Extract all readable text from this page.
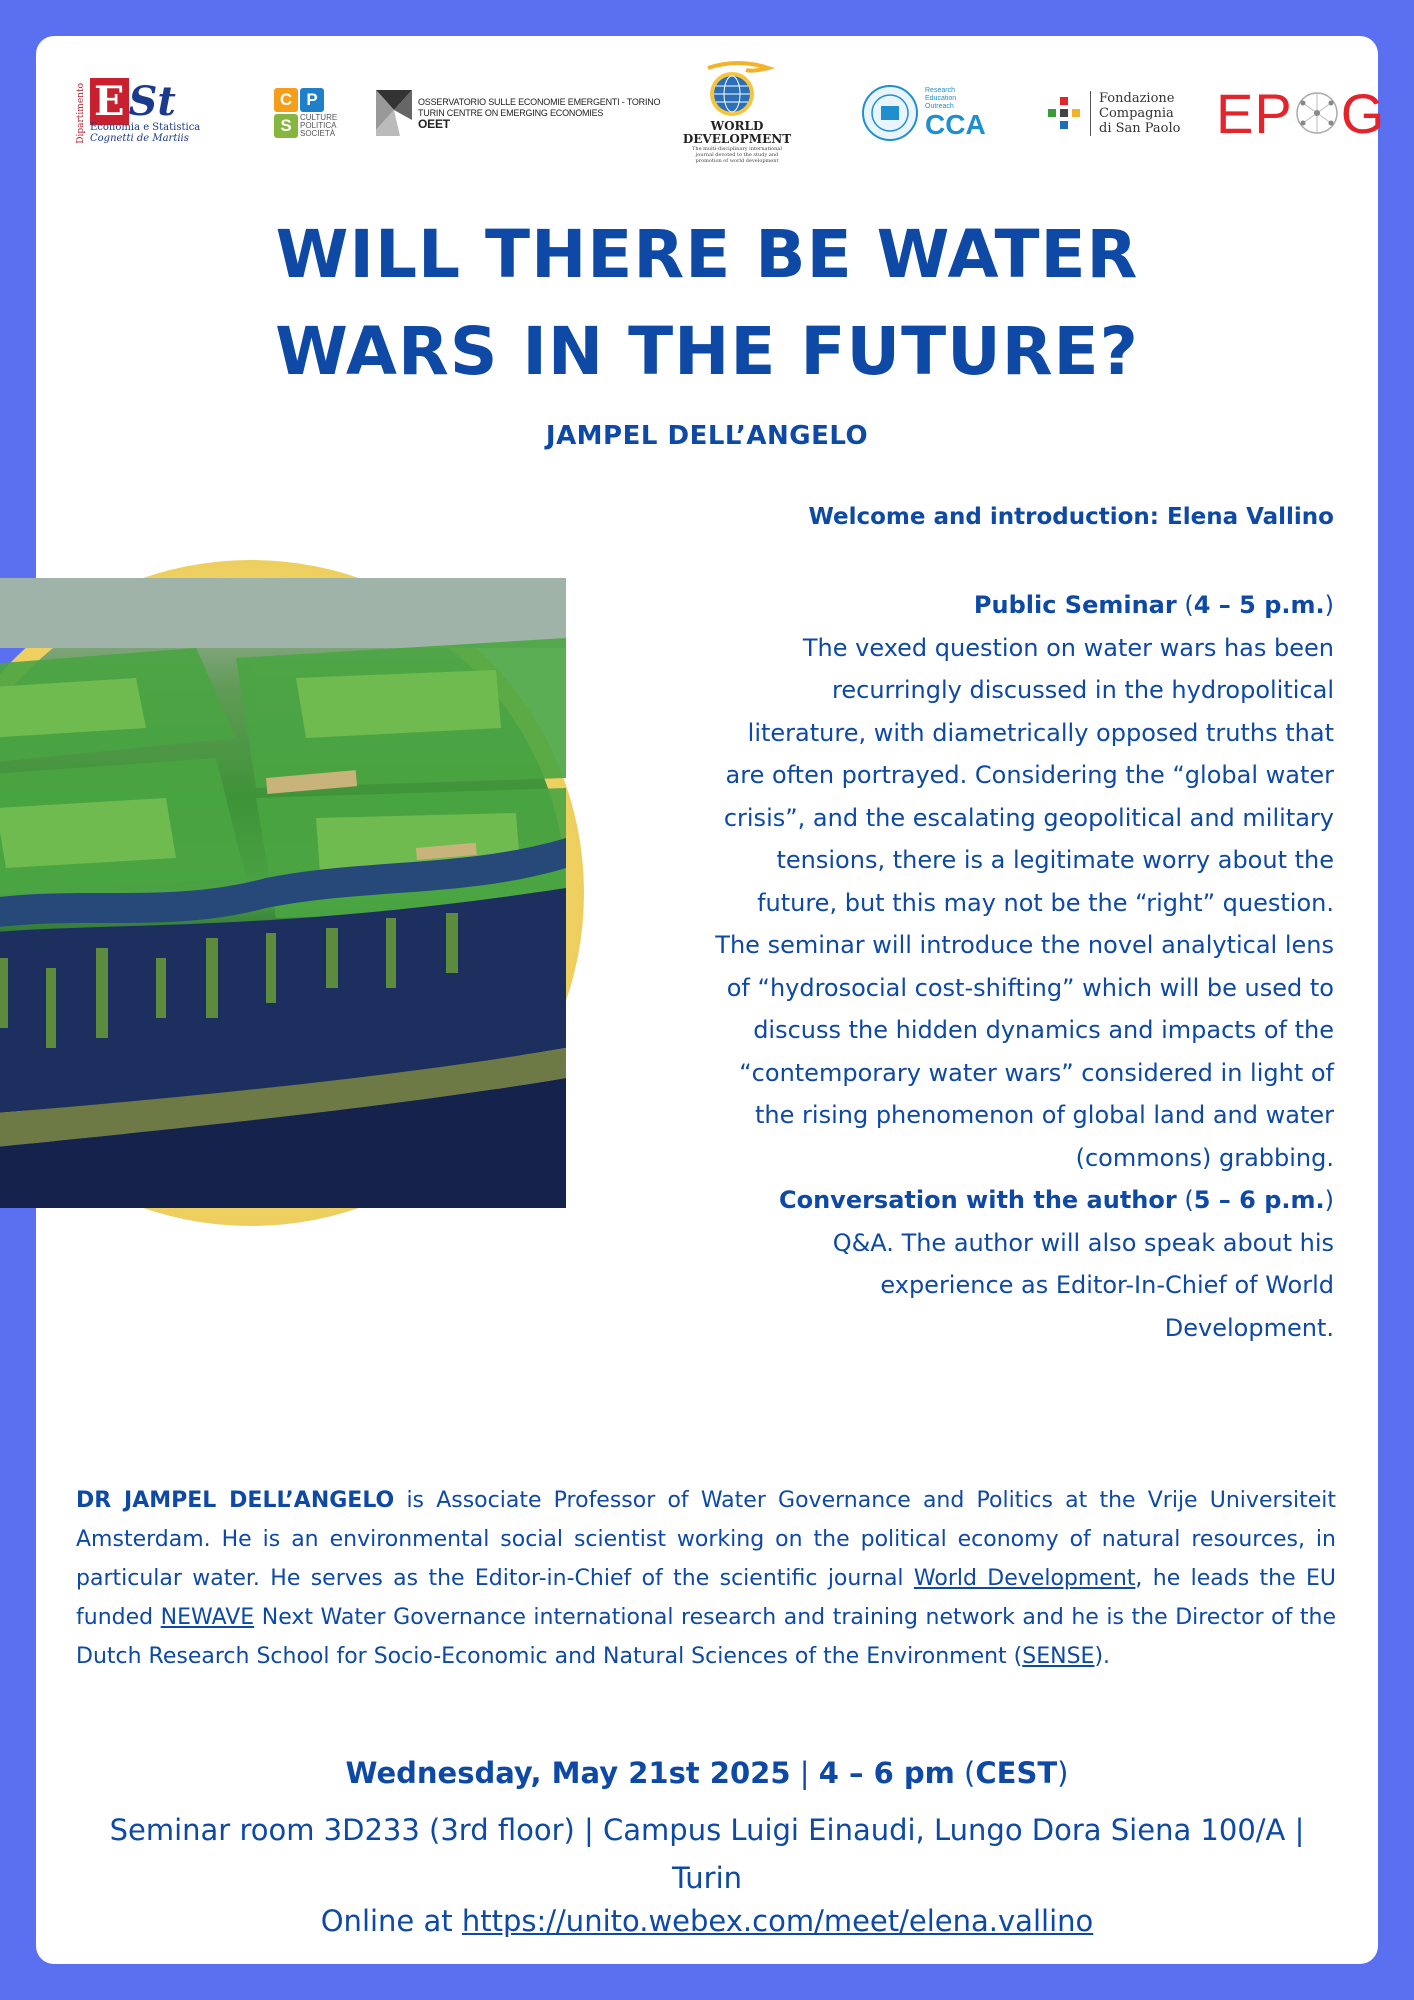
Dipartimento E St
Economia e Statistica
Cognetti de Martiis
C P
S	CULTURE
POLITICA
SOCIETÀ
OSSERVATORIO SULLE ECONOMIE EMERGENTI - TORINO
TURIN CENTRE ON EMERGING ECONOMIES
OEET	WORLD
DEVELOPMENT
The multi-disciplinary international journal devoted to the study and promotion of world development
Research
Education
Outreach
CCA
Fondazione
Compagnia
di San Paolo EP G
WILL THERE BE WATER
WARS IN THE FUTURE?
JAMPEL DELL’ANGELO
Welcome and introduction: Elena Vallino

Public Seminar (4 – 5 p.m.)

The vexed question on water wars has been recurringly discussed in the hydropolitical literature, with diametrically opposed truths that are often portrayed. Considering the “global water crisis”, and the escalating geopolitical and military tensions, there is a legitimate worry about the future, but this may not be the “right” question. The seminar will introduce the novel analytical lens of “hydrosocial cost-shifting” which will be used to discuss the hidden dynamics and impacts of the “contemporary water wars” considered in light of the rising phenomenon of global land and water (commons) grabbing.

Conversation with the author (5 – 6 p.m.)

Q&A. The author will also speak about his experience as Editor-In-Chief of World Development.

DR JAMPEL DELL’ANGELO is Associate Professor of Water Governance and Politics at the Vrije Universiteit Amsterdam. He is an environmental social scientist working on the political economy of natural resources, in particular water. He serves as the Editor-in-Chief of the scientific journal World Development, he leads the EU funded NEWAVE Next Water Governance international research and training network and he is the Director of the Dutch Research School for Socio-Economic and Natural Sciences of the Environment (SENSE).
Wednesday, May 21st 2025 | 4 – 6 pm (CEST)
Seminar room 3D233 (3rd floor) | Campus Luigi Einaudi, Lungo Dora Siena 100/A | Turin
Online at https://unito.webex.com/meet/elena.vallino
